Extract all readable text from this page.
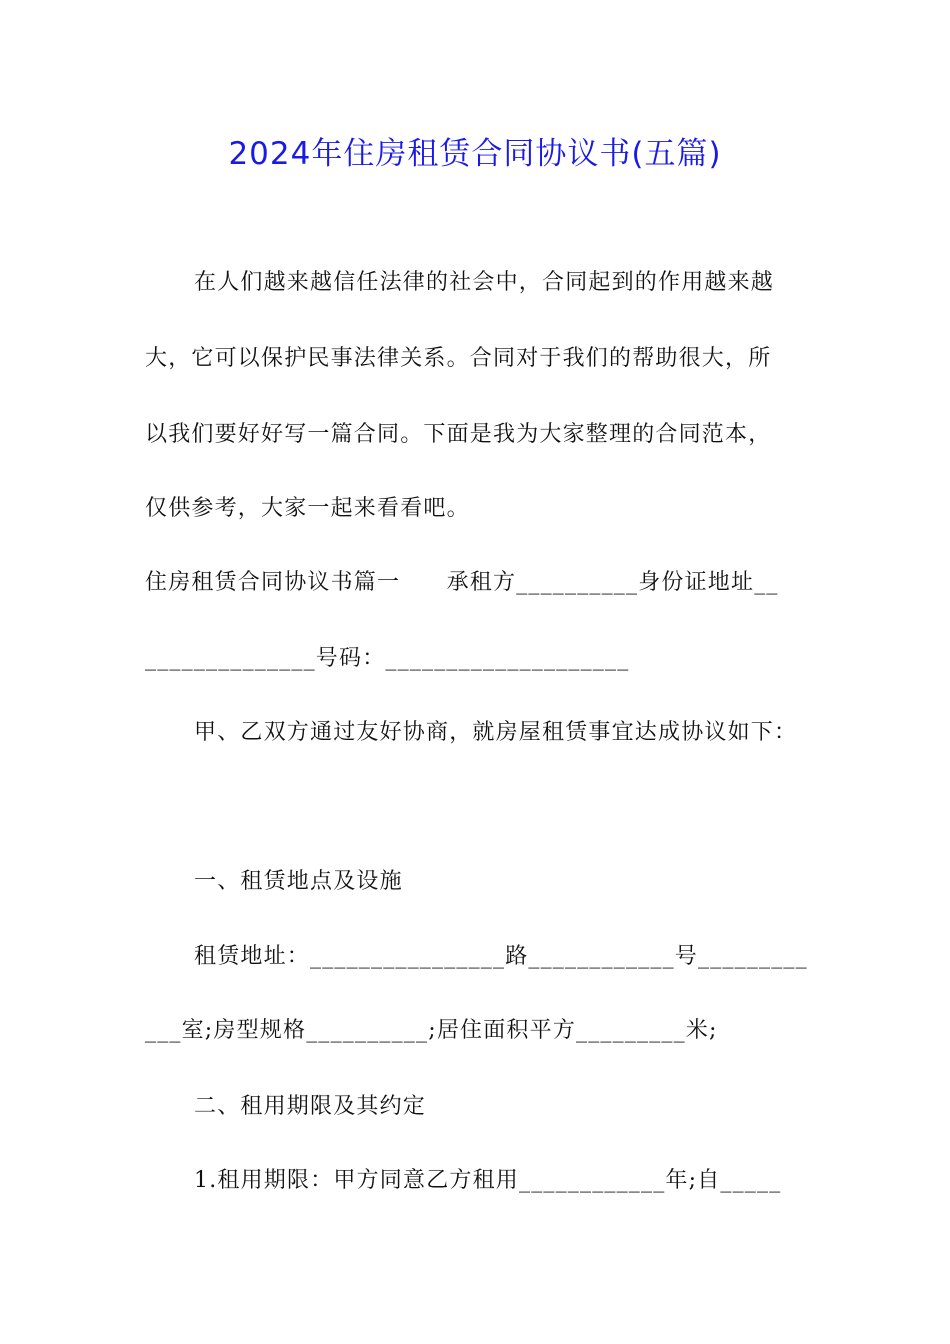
2024年住房租赁合同协议书(五篇)
在人们越来越信任法律的社会中，合同起到的作用越来越
大，它可以保护民事法律关系。合同对于我们的帮助很大，所
以我们要好好写一篇合同。下面是我为大家整理的合同范本，
仅供参考，大家一起来看看吧。
住房租赁合同协议书篇一　　承租方__________身份证地址__
______________号码：____________________
甲、乙双方通过友好协商，就房屋租赁事宜达成协议如下：
一、租赁地点及设施
租赁地址：________________路____________号_________
___室;房型规格__________;居住面积平方_________米;
二、租用期限及其约定
1.租用期限：甲方同意乙方租用____________年;自_____
